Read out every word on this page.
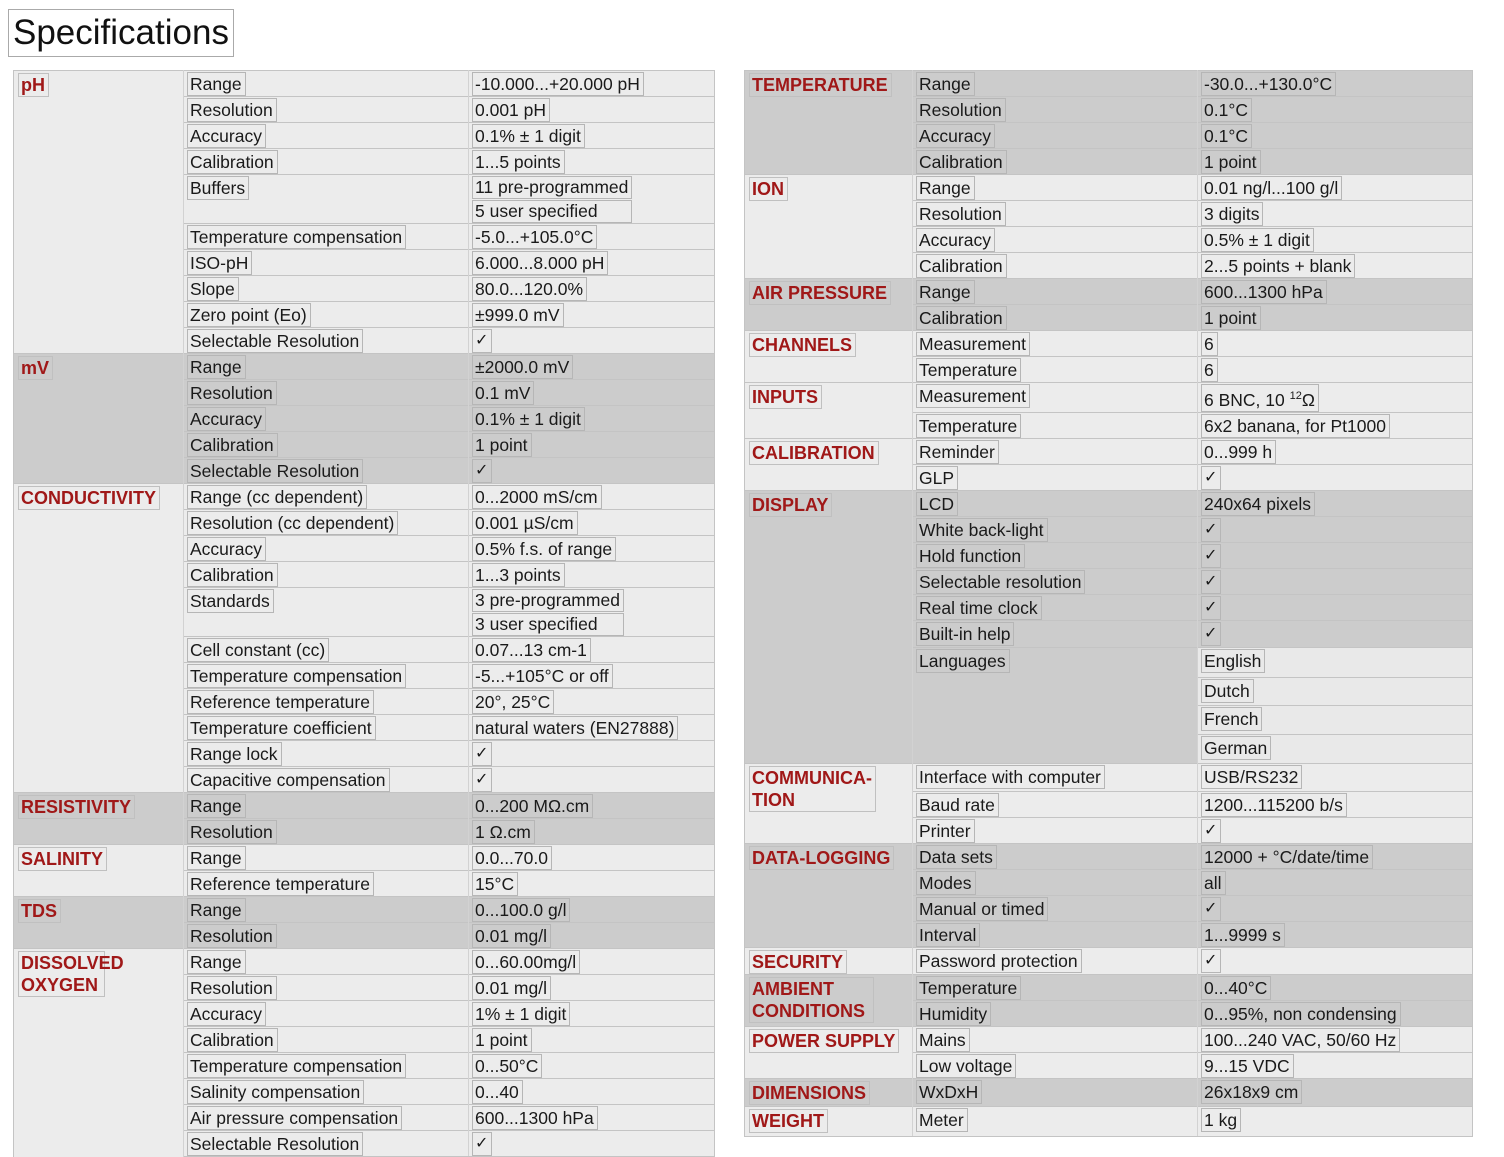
Specifications
pH	Range	-10.000...+20.000 pH
	Resolution	0.001 pH
	Accuracy	0.1% ± 1 digit
	Calibration	1...5 points
	Buffers	11 pre-programmed
5 user specified

	Temperature compensation	-5.0...+105.0°C
	ISO-pH	6.000...8.000 pH
	Slope	80.0...120.0%
	Zero point (Eo)	±999.0 mV
	Selectable Resolution	✓
mV	Range	±2000.0 mV
	Resolution	0.1 mV
	Accuracy	0.1% ± 1 digit
	Calibration	1 point
	Selectable Resolution	✓
CONDUCTIVITY	Range (cc dependent)	0...2000 mS/cm
	Resolution (cc dependent)	0.001 µS/cm
	Accuracy	0.5% f.s. of range
	Calibration	1...3 points
	Standards	3 pre-programmed
3 user specified

	Cell constant (cc)	0.07...13 cm-1
	Temperature compensation	-5...+105°C or off
	Reference temperature	20°, 25°C
	Temperature coefficient	natural waters (EN27888)
	Range lock	✓
	Capacitive compensation	✓
RESISTIVITY	Range	0...200 MΩ.cm
	Resolution	1 Ω.cm
SALINITY	Range	0.0...70.0
	Reference temperature	15°C
TDS	Range	0...100.0 g/l
	Resolution	0.01 mg/l
DISSOLVED OXYGEN	Range	0...60.00mg/l
	Resolution	0.01 mg/l
	Accuracy	1% ± 1 digit
	Calibration	1 point
	Temperature compensation	0...50°C
	Salinity compensation	0...40
	Air pressure compensation	600...1300 hPa
	Selectable Resolution	✓
TEMPERATURE	Range	-30.0...+130.0°C
	Resolution	0.1°C
	Accuracy	0.1°C
	Calibration	1 point
ION	Range	0.01 ng/l...100 g/l
	Resolution	3 digits
	Accuracy	0.5% ± 1 digit
	Calibration	2...5 points + blank
AIR PRESSURE	Range	600...1300 hPa
	Calibration	1 point
CHANNELS	Measurement	6
	Temperature	6
INPUTS	Measurement	6 BNC, 10 $^{12}$Ω
	Temperature	6x2 banana, for Pt1000
CALIBRATION	Reminder	0...999 h
	GLP	✓
DISPLAY	LCD	240x64 pixels
	White back-light	✓
	Hold function	✓
	Selectable resolution	✓
	Real time clock	✓
	Built-in help	✓
	Languages	English
Dutch
French
German

COMMUNICA-
TION	Interface with computer	USB/RS232
	Baud rate	1200...115200 b/s
	Printer	✓
DATA-LOGGING	Data sets	12000 + °C/date/time
	Modes	all
	Manual or timed	✓
	Interval	1...9999 s
SECURITY	Password protection	✓
AMBIENT CONDITIONS	Temperature	0...40°C
	Humidity	0...95%, non condensing
POWER SUPPLY	Mains	100...240 VAC, 50/60 Hz
	Low voltage	9...15 VDC
DIMENSIONS	WxDxH	26x18x9 cm
WEIGHT	Meter	1 kg
